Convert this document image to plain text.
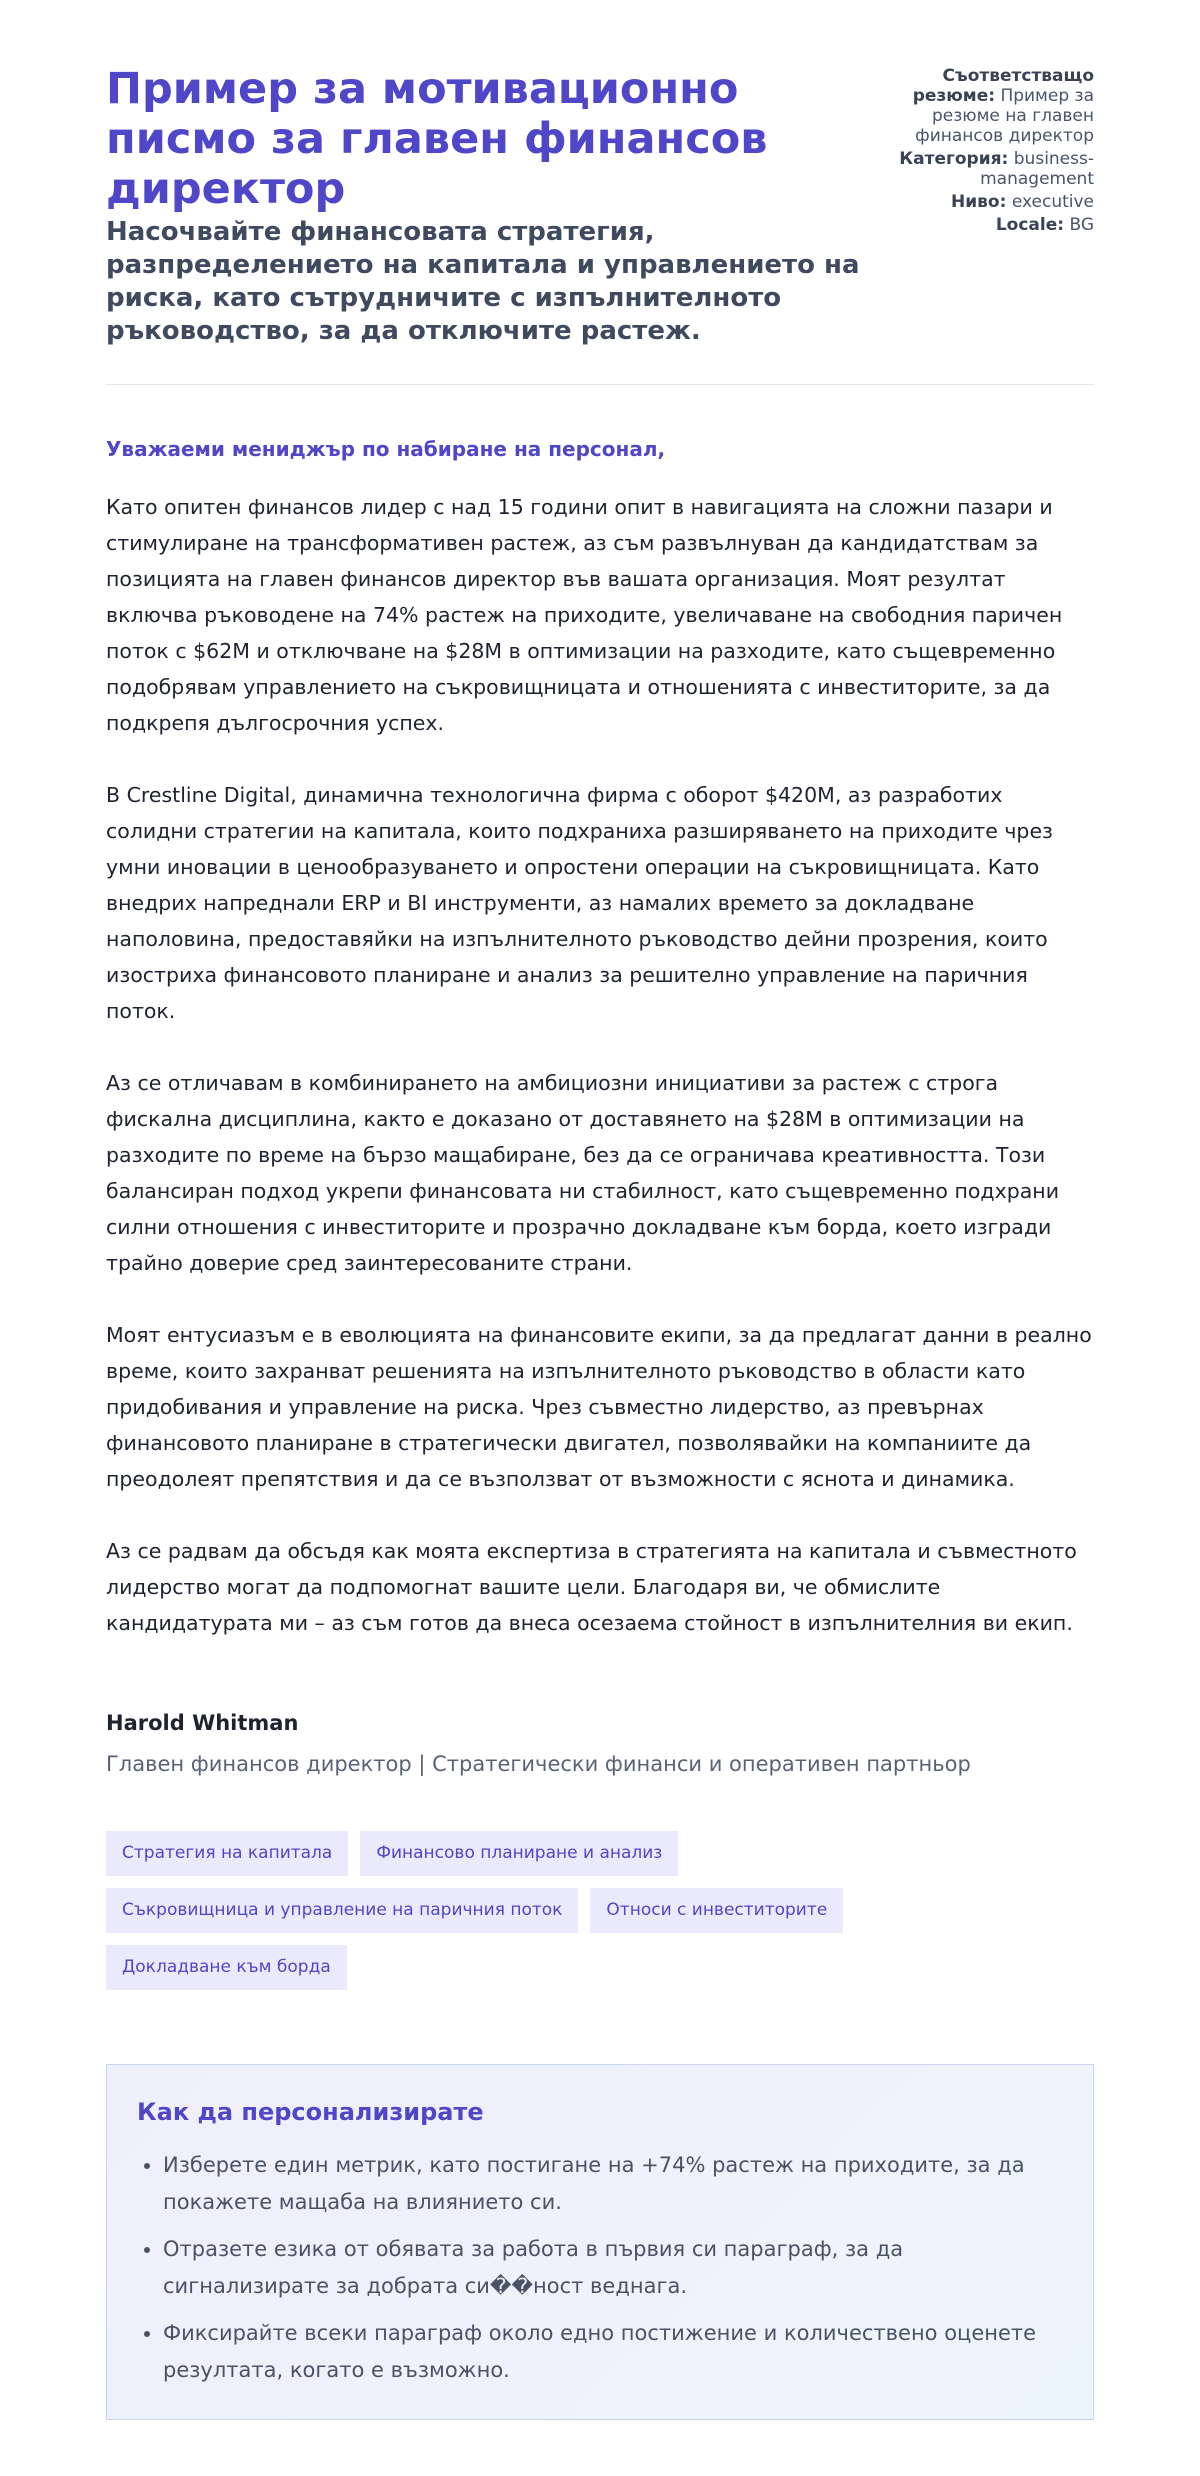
Пример за мотивационно писмо за главен финансов директор
Насочвайте финансовата стратегия, разпределението на капитала и управлението на риска, като сътрудничите с изпълнителното ръководство, за да отключите растеж.
Съответстващо резюме: Пример за резюме на главен финансов директор
Категория: business-management
Ниво: executive
Locale: BG

Уважаеми мениджър по набиране на персонал,

Като опитен финансов лидер с над 15 години опит в навигацията на сложни пазари и стимулиране на трансформативен растеж, аз съм развълнуван да кандидатствам за позицията на главен финансов директор във вашата организация. Моят резултат включва ръководене на 74% растеж на приходите, увеличаване на свободния паричен поток с $62M и отключване на $28M в оптимизации на разходите, като същевременно подобрявам управлението на съкровищницата и отношенията с инвеститорите, за да подкрепя дългосрочния успех.

В Crestline Digital, динамична технологична фирма с оборот $420M, аз разработих солидни стратегии на капитала, които подхраниха разширяването на приходите чрез умни иновации в ценообразуването и опростени операции на съкровищницата. Като внедрих напреднали ERP и BI инструменти, аз намалих времето за докладване наполовина, предоставяйки на изпълнителното ръководство дейни прозрения, които изостриха финансовото планиране и анализ за решително управление на паричния поток.

Аз се отличавам в комбинирането на амбициозни инициативи за растеж с строга фискална дисциплина, както е доказано от доставянето на $28M в оптимизации на разходите по време на бързо мащабиране, без да се ограничава креативността. Този балансиран подход укрепи финансовата ни стабилност, като същевременно подхрани силни отношения с инвеститорите и прозрачно докладване към борда, което изгради трайно доверие сред заинтересованите страни.

Моят ентусиазъм е в еволюцията на финансовите екипи, за да предлагат данни в реално време, които захранват решенията на изпълнителното ръководство в области като придобивания и управление на риска. Чрез съвместно лидерство, аз превърнах финансовото планиране в стратегически двигател, позволявайки на компаниите да преодолеят препятствия и да се възползват от възможности с яснота и динамика.

Аз се радвам да обсъдя как моята експертиза в стратегията на капитала и съвместното лидерство могат да подпомогнат вашите цели. Благодаря ви, че обмислите кандидатурата ми – аз съм готов да внеса осезаема стойност в изпълнителния ви екип.

Harold Whitman

Главен финансов директор | Стратегически финанси и оперативен партньор

Стратегия на капитала	Финансово планиране и анализ
Съкровищница и управление на паричния поток	Относи с инвеститорите
Докладване към борда
Как да персонализирате
• Изберете един метрик, като постигане на +74% растеж на приходите, за да покажете мащаба на влиянието си.
• Отразете езика от обявата за работа в първия си параграф, за да сигнализирате за добрата си��ност веднага.
• Фиксирайте всеки параграф около едно постижение и количествено оценете резултата, когато е възможно.
